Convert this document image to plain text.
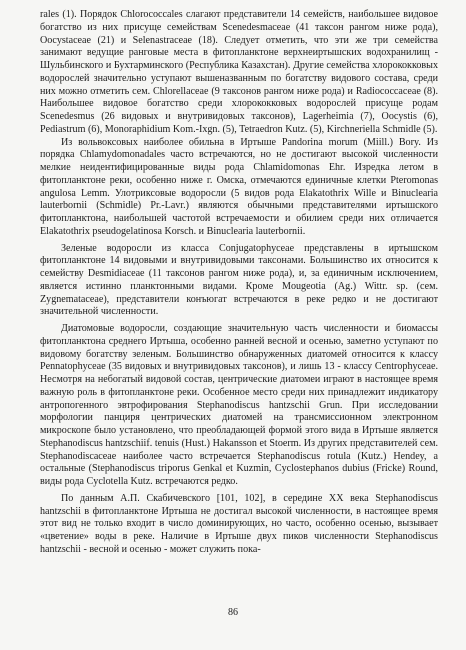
rales (1). Порядок Chlorococcales слагают представители 14 семейств, наибольшее видовое богатство из них присуще семействам Scenedesmaceae (41 таксон рангом ниже рода), Oocystaceae (21) и Selenastraceae (18). Следует отметить, что эти же три семейства занимают ведущие ранговые места в фитопланктоне верхнеиртышских водохранилищ - Шульбинского и Бухтарминского (Республика Казахстан). Другие семейства хлорококковых водорослей значительно уступают вышеназванным по богатству видового состава, среди них можно отметить сем. Chlorellaceae (9 таксонов рангом ниже рода) и Radiococcaceae (8). Наибольшее видовое богатство среди хлорококковых водорослей присуще родам Scenedesmus (26 видовых и внутривидовых таксонов), Lagerheimia (7), Oocystis (6), Pediastrum (6), Monoraphidium Kom.-Ixgn. (5), Tetraedron Kutz. (5), Kirchneriella Schmidle (5).

Из вольвоксовых наиболее обильна в Иртыше Pandorina morum (Miill.) Bory. Из порядка Chlamydomonadales часто встречаются, но не достигают высокой численности мелкие неидентифицированные виды рода Chlamidomonas Ehr. Изредка летом в фитопланктоне реки, особенно ниже г. Омска, отмечаются единичные клетки Pteromonas angulosa Lemm. Улотриксовые водоросли (5 видов рода Elakatothrix Wille и Binuclearia lauterbornii (Schmidle) Pr.-Lavr.) являются обычными представителями иртышского фитопланктона, наибольшей частотой встречаемости и обилием среди них отличается Elakatothrix pseudogelatinosa Korsch. и Binuclearia lauterbornii.

Зеленые водоросли из класса Conjugatophyceae представлены в иртышском фитопланктоне 14 видовыми и внутривидовыми таксонами. Большинство их относится к семейству Desmidiaceae (11 таксонов рангом ниже рода), и, за единичным исключением, является истинно планктонными видами. Кроме Mougeotia (Ag.) Wittr. sp. (сем. Zygnemataceae), представители конъюгат встречаются в реке редко и не достигают значительной численности.

Диатомовые водоросли, создающие значительную часть численности и биомассы фитопланктона среднего Иртыша, особенно ранней весной и осенью, заметно уступают по видовому богатству зеленым. Большинство обнаруженных диатомей относится к классу Pennatophyceae (35 видовых и внутривидовых таксонов), и лишь 13 - классу Centrophyceae. Несмотря на небогатый видовой состав, центрические диатомеи играют в настоящее время важную роль в фитопланктоне реки. Особенное место среди них принадлежит индикатору антропогенного эвтрофирования Stephanodiscus hantzschii Grun. При исследовании морфологии панциря центрических диатомей на трансмиссионном электронном микроскопе было установлено, что преобладающей формой этого вида в Иртыше является Stephanodiscus hantzschiif. tenuis (Hust.) Hakansson et Stoerm. Из других представителей сем. Stephanodiscaceae наиболее часто встречается Stephanodiscus rotula (Kutz.) Hendey, а остальные (Stephanodiscus triporus Genkal et Kuzmin, Cyclostephanos dubius (Fricke) Round, виды рода Cyclotella Kutz. встречаются редко.

По данным А.П. Скабичевского [101, 102], в середине XX века Stephanodiscus hantzschii в фитопланктоне Иртыша не достигал высокой численности, в настоящее время этот вид не только входит в число доминирующих, но часто, особенно осенью, вызывает «цветение» воды в реке. Наличие в Иртыше двух пиков численности Stephanodiscus hantzschii - весной и осенью - может служить пока-

86
